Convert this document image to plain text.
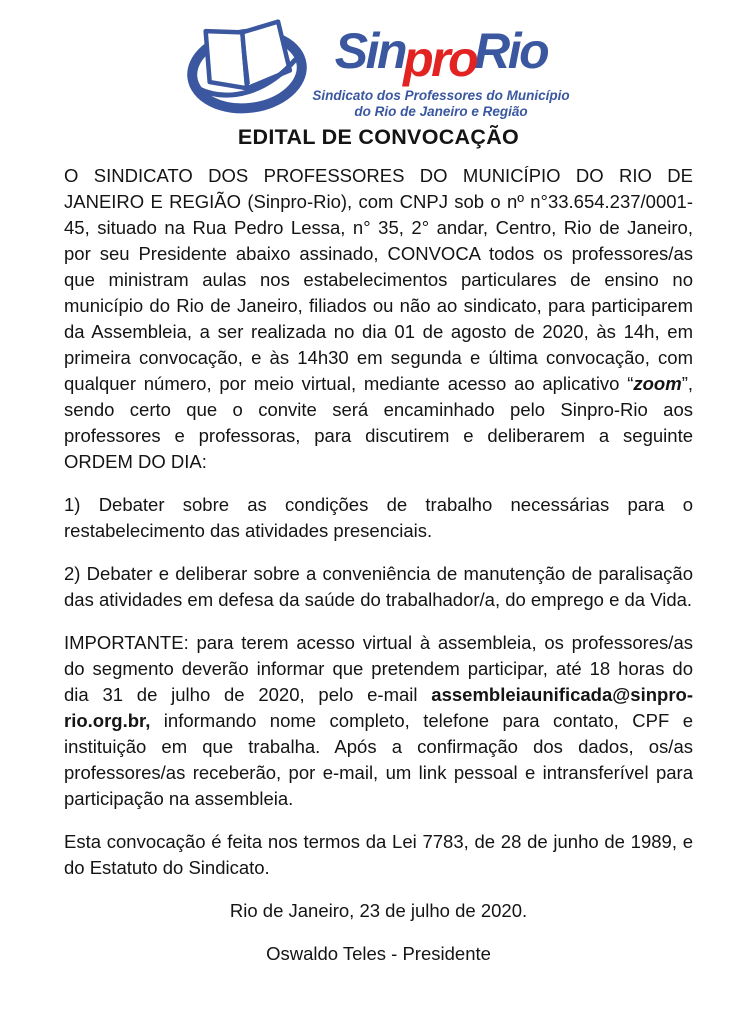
SinproRio
Sindicato dos Professores do Município
do Rio de Janeiro e Região
EDITAL DE CONVOCAÇÃO

O SINDICATO DOS PROFESSORES DO MUNICÍPIO DO RIO DE JANEIRO E REGIÃO (Sinpro-Rio), com CNPJ sob o nº n°33.654.237/0001-45, situado na Rua Pedro Lessa, n° 35, 2° andar, Centro, Rio de Janeiro, por seu Presidente abaixo assinado, CONVOCA todos os professores/as que ministram aulas nos estabelecimentos particulares de ensino no município do Rio de Janeiro, filiados ou não ao sindicato, para participarem da Assembleia, a ser realizada no dia 01 de agosto de 2020, às 14h, em primeira convocação, e às 14h30 em segunda e última convocação, com qualquer número, por meio virtual, mediante acesso ao aplicativo “zoom”, sendo certo que o convite será encaminhado pelo Sinpro-Rio aos professores e professoras, para discutirem e deliberarem a seguinte ORDEM DO DIA:

1) Debater sobre as condições de trabalho necessárias para o restabelecimento das atividades presenciais.

2) Debater e deliberar sobre a conveniência de manutenção de paralisação das atividades em defesa da saúde do trabalhador/a, do emprego e da Vida.

IMPORTANTE: para terem acesso virtual à assembleia, os professores/as do segmento deverão informar que pretendem participar, até 18 horas do dia 31 de julho de 2020, pelo e-mail assembleiaunificada@sinpro-rio.org.br, informando nome completo, telefone para contato, CPF e instituição em que trabalha. Após a confirmação dos dados, os/as professores/as receberão, por e-mail, um link pessoal e intransferível para participação na assembleia.

Esta convocação é feita nos termos da Lei 7783, de 28 de junho de 1989, e do Estatuto do Sindicato.

Rio de Janeiro, 23 de julho de 2020.

Oswaldo Teles - Presidente
